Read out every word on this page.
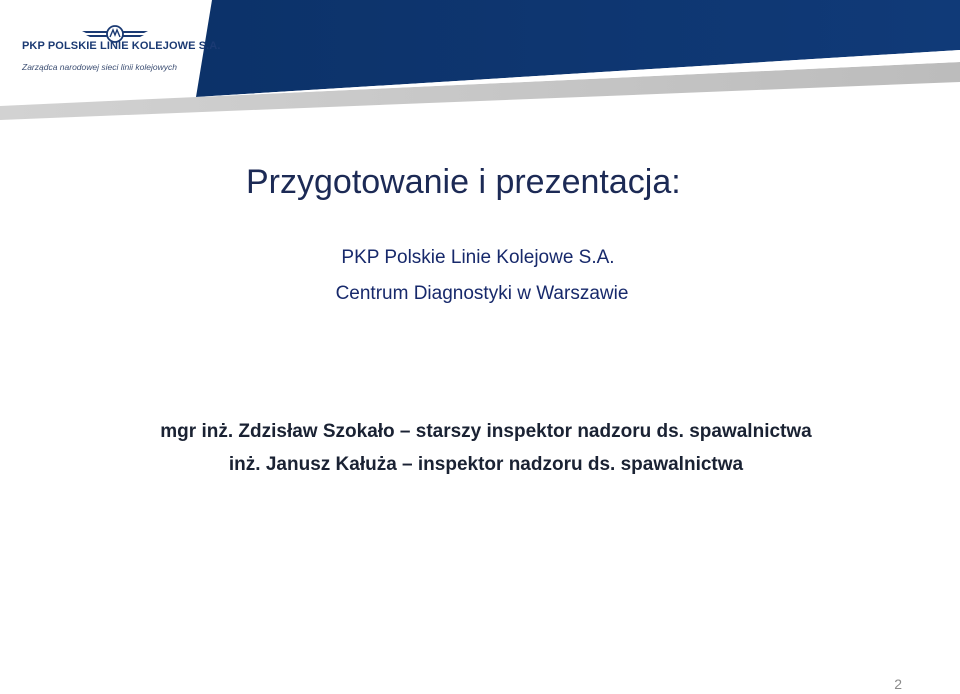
PKP POLSKIE LINIE KOLEJOWE S.A.
Zarządca narodowej sieci linii kolejowych
Przygotowanie i prezentacja:
PKP Polskie Linie Kolejowe S.A.
Centrum Diagnostyki w Warszawie
mgr inż. Zdzisław Szokało – starszy inspektor nadzoru ds. spawalnictwa
inż. Janusz Kałuża – inspektor nadzoru ds. spawalnictwa
2
